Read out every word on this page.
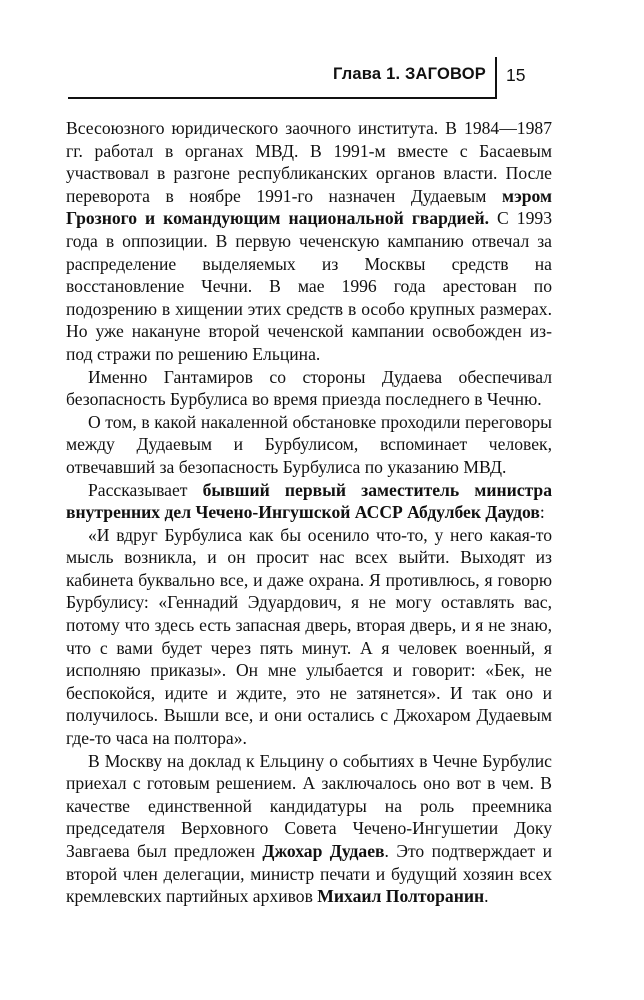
Глава 1. ЗАГОВОР 15

Всесоюзного юридического заочного института. В 1984—1987 гг. работал в органах МВД. В 1991-м вместе с Басаевым участвовал в разгоне республиканских органов власти. После переворота в ноябре 1991-го назначен Дудаевым мэром Грозного и командующим национальной гвардией. С 1993 года в оппозиции. В первую чеченскую кампанию отвечал за распределение выделяемых из Москвы средств на восстановление Чечни. В мае 1996 года арестован по подозрению в хищении этих средств в особо крупных размерах. Но уже накануне второй чеченской кампании освобожден из-под стражи по решению Ельцина.

Именно Гантамиров со стороны Дудаева обеспечивал безопасность Бурбулиса во время приезда последнего в Чечню.

О том, в какой накаленной обстановке проходили переговоры между Дудаевым и Бурбулисом, вспоминает человек, отвечавший за безопасность Бурбулиса по указанию МВД.

Рассказывает бывший первый заместитель министра внутренних дел Чечено-Ингушской АССР Абдулбек Даудов:

«И вдруг Бурбулиса как бы осенило что-то, у него какая-то мысль возникла, и он просит нас всех выйти. Выходят из кабинета буквально все, и даже охрана. Я противлюсь, я говорю Бурбулису: «Геннадий Эдуардович, я не могу оставлять вас, потому что здесь есть запасная дверь, вторая дверь, и я не знаю, что с вами будет через пять минут. А я человек военный, я исполняю приказы». Он мне улыбается и говорит: «Бек, не беспокойся, идите и ждите, это не затянется». И так оно и получилось. Вышли все, и они остались с Джохаром Дудаевым где-то часа на полтора».

В Москву на доклад к Ельцину о событиях в Чечне Бурбулис приехал с готовым решением. А заключалось оно вот в чем. В качестве единственной кандидатуры на роль преемника председателя Верховного Совета Чечено-Ингушетии Доку Завгаева был предложен Джохар Дудаев. Это подтверждает и второй член делегации, министр печати и будущий хозяин всех кремлевских партийных архивов Михаил Полторанин.
